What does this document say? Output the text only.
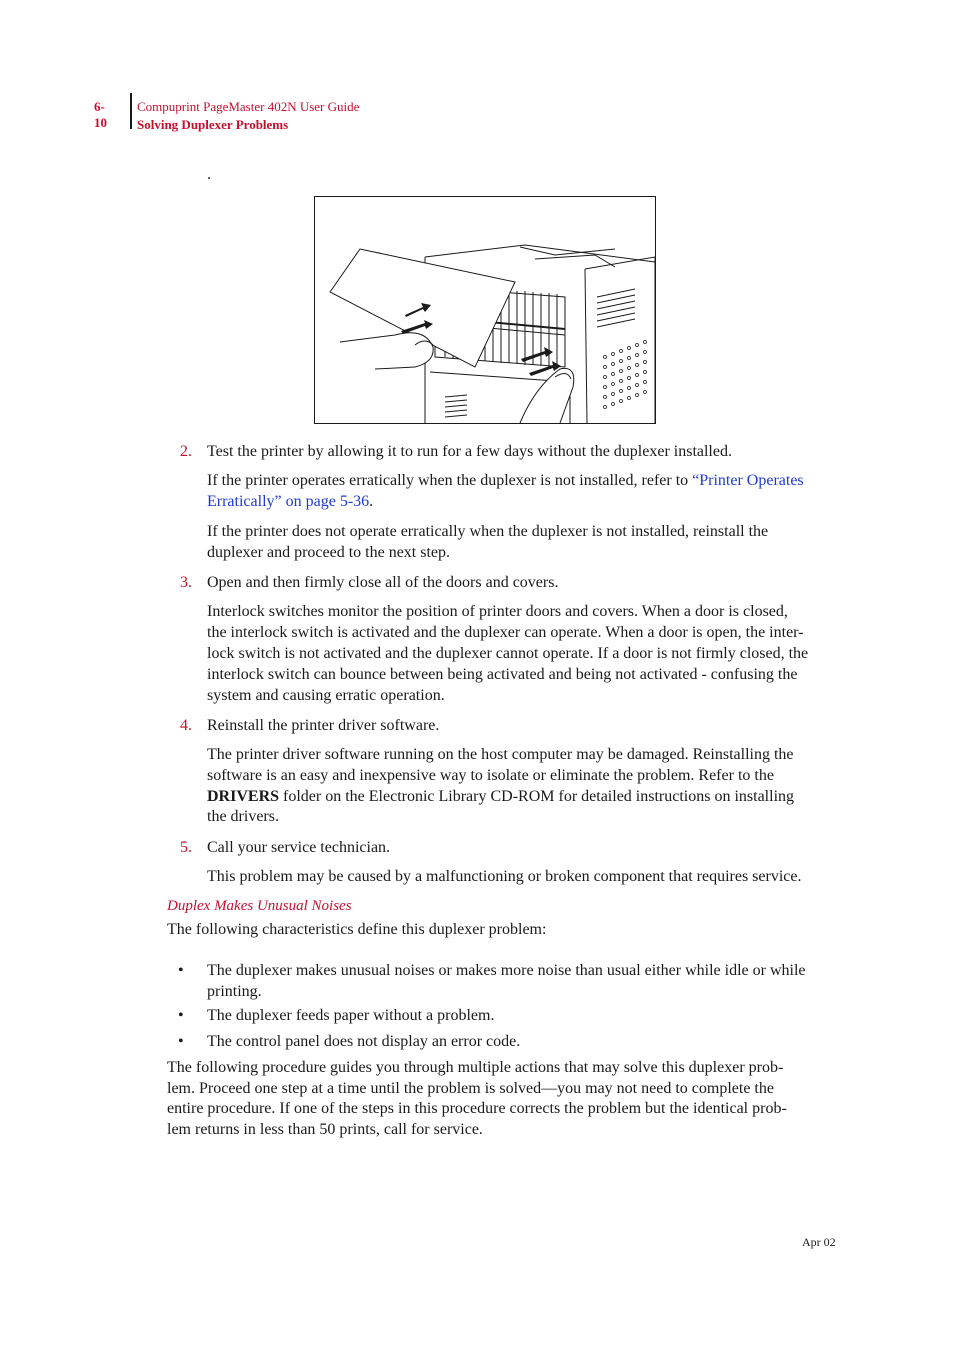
6-10
Compuprint PageMaster 402N User Guide
Solving Duplexer Problems
.
2. Test the printer by allowing it to run for a few days without the duplexer installed.
If the printer operates erratically when the duplexer is not installed, refer to “Printer Operates
Erratically” on page 5-36.
If the printer does not operate erratically when the duplexer is not installed, reinstall the
duplexer and proceed to the next step.
3. Open and then firmly close all of the doors and covers.
Interlock switches monitor the position of printer doors and covers. When a door is closed,
the interlock switch is activated and the duplexer can operate. When a door is open, the inter-
lock switch is not activated and the duplexer cannot operate. If a door is not firmly closed, the
interlock switch can bounce between being activated and being not activated - confusing the
system and causing erratic operation.
4. Reinstall the printer driver software.
The printer driver software running on the host computer may be damaged. Reinstalling the
software is an easy and inexpensive way to isolate or eliminate the problem. Refer to the
DRIVERS folder on the Electronic Library CD-ROM for detailed instructions on installing
the drivers.
5. Call your service technician.
This problem may be caused by a malfunctioning or broken component that requires service.
Duplex Makes Unusual Noises
The following characteristics define this duplexer problem:
• The duplexer makes unusual noises or makes more noise than usual either while idle or while
printing.
• The duplexer feeds paper without a problem.
• The control panel does not display an error code.
The following procedure guides you through multiple actions that may solve this duplexer prob-
lem. Proceed one step at a time until the problem is solved—you may not need to complete the
entire procedure. If one of the steps in this procedure corrects the problem but the identical prob-
lem returns in less than 50 prints, call for service.
Apr 02
